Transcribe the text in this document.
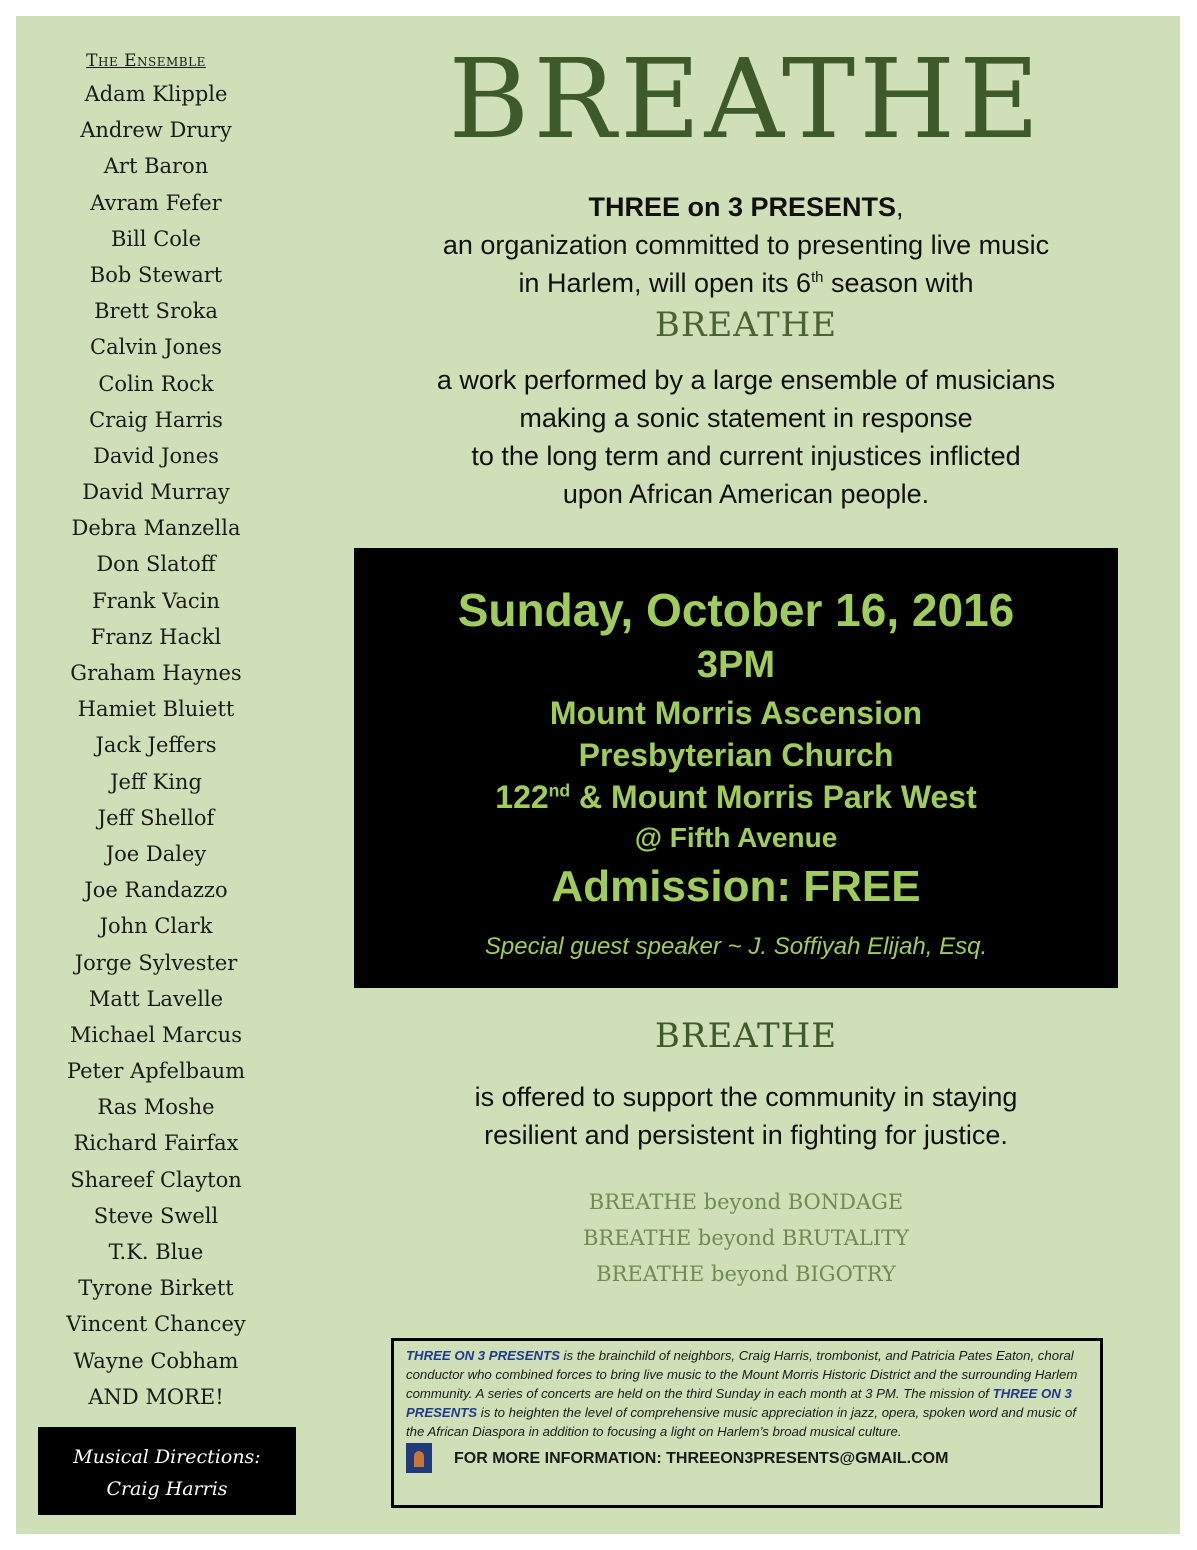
The Ensemble
Adam Klipple
Andrew Drury
Art Baron
Avram Fefer
Bill Cole
Bob Stewart
Brett Sroka
Calvin Jones
Colin Rock
Craig Harris
David Jones
David Murray
Debra Manzella
Don Slatoff
Frank Vacin
Franz Hackl
Graham Haynes
Hamiet Bluiett
Jack Jeffers
Jeff King
Jeff Shellof
Joe Daley
Joe Randazzo
John Clark
Jorge Sylvester
Matt Lavelle
Michael Marcus
Peter Apfelbaum
Ras Moshe
Richard Fairfax
Shareef Clayton
Steve Swell
T.K. Blue
Tyrone Birkett
Vincent Chancey
Wayne Cobham
AND MORE!
Musical Directions:
Craig Harris
BREATHE
THREE on 3 PRESENTS,
an organization committed to presenting live music
in Harlem, will open its 6th season with
BREATHE
a work performed by a large ensemble of musicians
making a sonic statement in response
to the long term and current injustices inflicted
upon African American people.
BREATHE
is offered to support the community in staying
resilient and persistent in fighting for justice.
BREATHE beyond BONDAGE
BREATHE beyond BRUTALITY
BREATHE beyond BIGOTRY
Sunday, October 16, 2016
3PM
Mount Morris Ascension
Presbyterian Church
122nd & Mount Morris Park West
@ Fifth Avenue
Admission: FREE
Special guest speaker ~ J. Soffiyah Elijah, Esq.
THREE ON 3 PRESENTS is the brainchild of neighbors, Craig Harris, trombonist, and Patricia Pates Eaton, choral conductor who combined forces to bring live music to the Mount Morris Historic District and the surrounding Harlem community. A series of concerts are held on the third Sunday in each month at 3 PM. The mission of THREE ON 3 PRESENTS is to heighten the level of comprehensive music appreciation in jazz, opera, spoken word and music of the African Diaspora in addition to focusing a light on Harlem’s broad musical culture.
FOR MORE INFORMATION: THREEON3PRESENTS@GMAIL.COM
